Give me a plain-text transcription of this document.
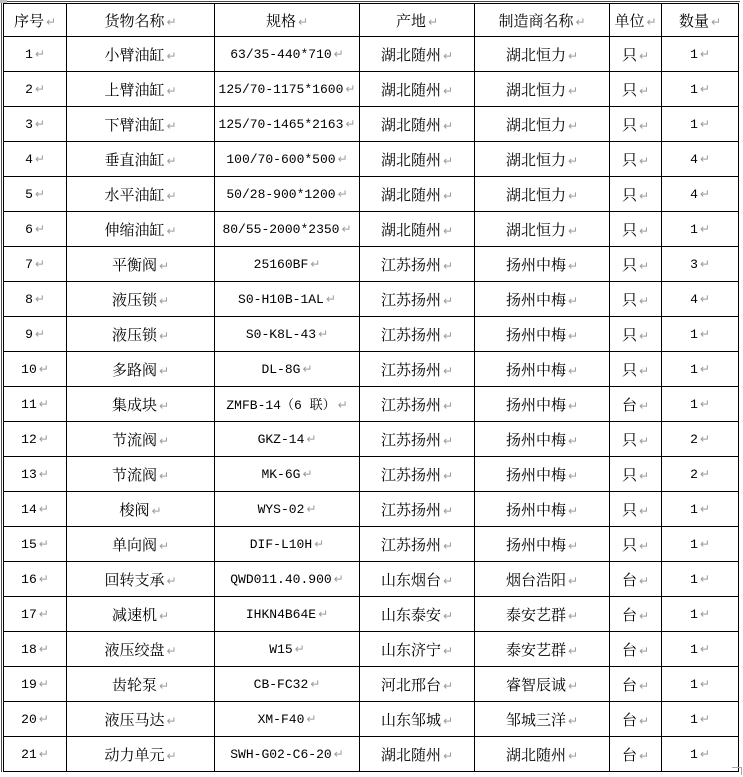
序号 ↵	货物名称 ↵	规格 ↵	产地 ↵	制造商名称 ↵	单位 ↵	数量 ↵
1 ↵	小臂油缸 ↵	63/35-440*710 ↵	湖北随州 ↵	湖北恒力 ↵	只 ↵	1 ↵
2 ↵	上臂油缸 ↵	125/70-1175*1600 ↵	湖北随州 ↵	湖北恒力 ↵	只 ↵	1 ↵
3 ↵	下臂油缸 ↵	125/70-1465*2163 ↵	湖北随州 ↵	湖北恒力 ↵	只 ↵	1 ↵
4 ↵	垂直油缸 ↵	100/70-600*500 ↵	湖北随州 ↵	湖北恒力 ↵	只 ↵	4 ↵
5 ↵	水平油缸 ↵	50/28-900*1200 ↵	湖北随州 ↵	湖北恒力 ↵	只 ↵	4 ↵
6 ↵	伸缩油缸 ↵	80/55-2000*2350 ↵	湖北随州 ↵	湖北恒力 ↵	只 ↵	1 ↵
7 ↵	平衡阀 ↵	25160BF ↵	江苏扬州 ↵	扬州中梅 ↵	只 ↵	3 ↵
8 ↵	液压锁 ↵	S0-H10B-1AL ↵	江苏扬州 ↵	扬州中梅 ↵	只 ↵	4 ↵
9 ↵	液压锁 ↵	S0-K8L-43 ↵	江苏扬州 ↵	扬州中梅 ↵	只 ↵	1 ↵
10 ↵	多路阀 ↵	DL-8G ↵	江苏扬州 ↵	扬州中梅 ↵	只 ↵	1 ↵
11 ↵	集成块 ↵	ZMFB-14（6 联） ↵	江苏扬州 ↵	扬州中梅 ↵	台 ↵	1 ↵
12 ↵	节流阀 ↵	GKZ-14 ↵	江苏扬州 ↵	扬州中梅 ↵	只 ↵	2 ↵
13 ↵	节流阀 ↵	MK-6G ↵	江苏扬州 ↵	扬州中梅 ↵	只 ↵	2 ↵
14 ↵	梭阀 ↵	WYS-02 ↵	江苏扬州 ↵	扬州中梅 ↵	只 ↵	1 ↵
15 ↵	单向阀 ↵	DIF-L10H ↵	江苏扬州 ↵	扬州中梅 ↵	只 ↵	1 ↵
16 ↵	回转支承 ↵	QWD011.40.900 ↵	山东烟台 ↵	烟台浩阳 ↵	台 ↵	1 ↵
17 ↵	减速机 ↵	IHKN4B64E ↵	山东泰安 ↵	泰安艺群 ↵	台 ↵	1 ↵
18 ↵	液压绞盘 ↵	W15 ↵	山东济宁 ↵	泰安艺群 ↵	台 ↵	1 ↵
19 ↵	齿轮泵 ↵	CB-FC32 ↵	河北邢台 ↵	睿智辰诚 ↵	台 ↵	1 ↵
20 ↵	液压马达 ↵	XM-F40 ↵	山东邹城 ↵	邹城三洋 ↵	台 ↵	1 ↵
21 ↵	动力单元 ↵	SWH-G02-C6-20 ↵	湖北随州 ↵	湖北随州 ↵	台 ↵	1 ↵
